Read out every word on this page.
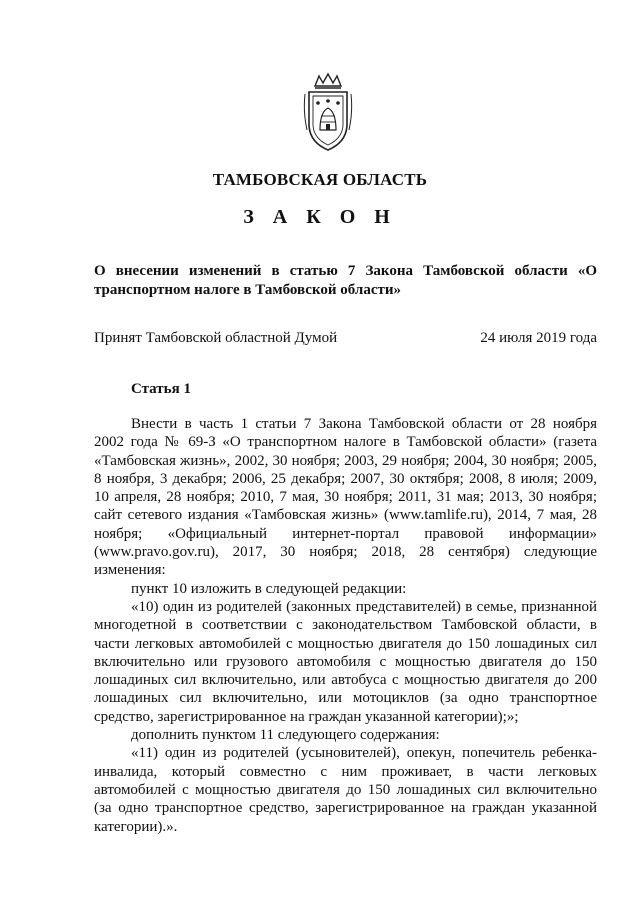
ТАМБОВСКАЯ ОБЛАСТЬ
З А К О Н
О внесении изменений в статью 7 Закона Тамбовской области «О
транспортном налоге в Тамбовской области»
Принят Тамбовской областной Думой	24 июля 2019 года
Статья 1
Внести в часть 1 статьи 7 Закона Тамбовской области от 28 ноября
2002 года № 69-З «О транспортном налоге в Тамбовской области» (газета
«Тамбовская жизнь», 2002, 30 ноября; 2003, 29 ноября; 2004, 30 ноября; 2005,
8 ноября, 3 декабря; 2006, 25 декабря; 2007, 30 октября; 2008, 8 июля; 2009,
10 апреля, 28 ноября; 2010, 7 мая, 30 ноября; 2011, 31 мая; 2013, 30 ноября;
сайт сетевого издания «Тамбовская жизнь» (www.tamlife.ru), 2014, 7 мая, 28
ноября; «Официальный интернет-портал правовой информации»
(www.pravo.gov.ru), 2017, 30 ноября; 2018, 28 сентября) следующие
изменения:
пункт 10 изложить в следующей редакции:
«10) один из родителей (законных представителей) в семье, признанной
многодетной в соответствии с законодательством Тамбовской области, в
части легковых автомобилей с мощностью двигателя до 150 лошадиных сил
включительно или грузового автомобиля с мощностью двигателя до 150
лошадиных сил включительно, или автобуса с мощностью двигателя до 200
лошадиных сил включительно, или мотоциклов (за одно транспортное
средство, зарегистрированное на граждан указанной категории);»;
дополнить пунктом 11 следующего содержания:
«11) один из родителей (усыновителей), опекун, попечитель ребенка-
инвалида, который совместно с ним проживает, в части легковых
автомобилей с мощностью двигателя до 150 лошадиных сил включительно
(за одно транспортное средство, зарегистрированное на граждан указанной
категории).».
